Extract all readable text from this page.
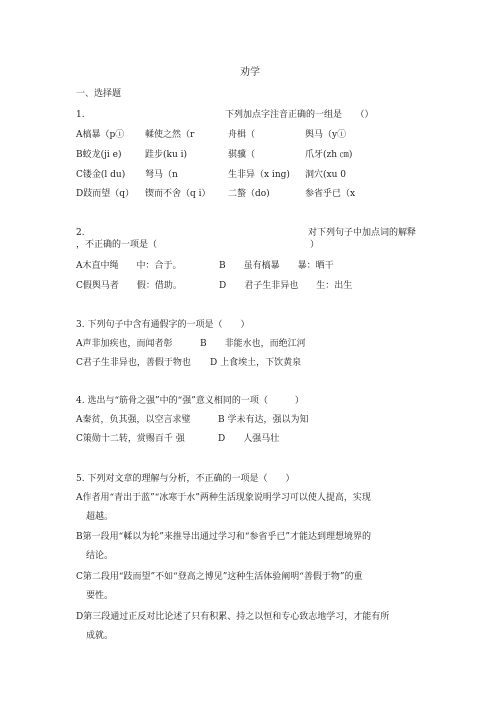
劝学
一、选择题
1.	下列加点字注音正确的一组是　　（）
A槁暴（pⓘ 輮使之然（r	舟楫（	舆马（yⓘ
B蛟龙(ji e)	跬步(ku i)	骐骥（	爪牙(zh ㎝)
C镂金(l du) 弩马（n	生非异（x ing) 洞穴(xu 0
D跂而望（q） 锲而不舍（q i） 二螯（do)	参省乎已（x
2.	对下列句子中加点词的解释
，不正确的一项是（	）
A木直中绳　　中：合于。	B　　虽有槁暴　　暴：晒干
C假舆马者　　假：借助。	D　　君子生非异也　　生：出生
3. 下列句子中含有通假字的一项是（　　）
A声非加疾也，而闻者彰	B　　非能水也，而绝江河
C君子生非异也，善假于物也 D 上食埃土，下饮黄泉
4. 选出与“筋骨之强”中的“强”意义相同的一项（　　　）
A秦贫，负其强，以空言求璧	B 学未有达，强以为知
C策勋十二转，赏赐百千 强	D　　人强马壮
5. 下列对文章的理解与分析，不正确的一项是（　　）
A作者用“青出于蓝”“冰寒于水”两种生活现象说明学习可以使人提高，实现
超越。
B第一段用“輮以为轮”来推导出通过学习和“参省乎已”才能达到理想境界的
结论。
C第二段用“跂而望”不如“登高之博见”这种生活体验阐明“善假于物”的重
要性。
D第三段通过正反对比论述了只有积累、持之以恒和专心致志地学习，才能有所
成就。
